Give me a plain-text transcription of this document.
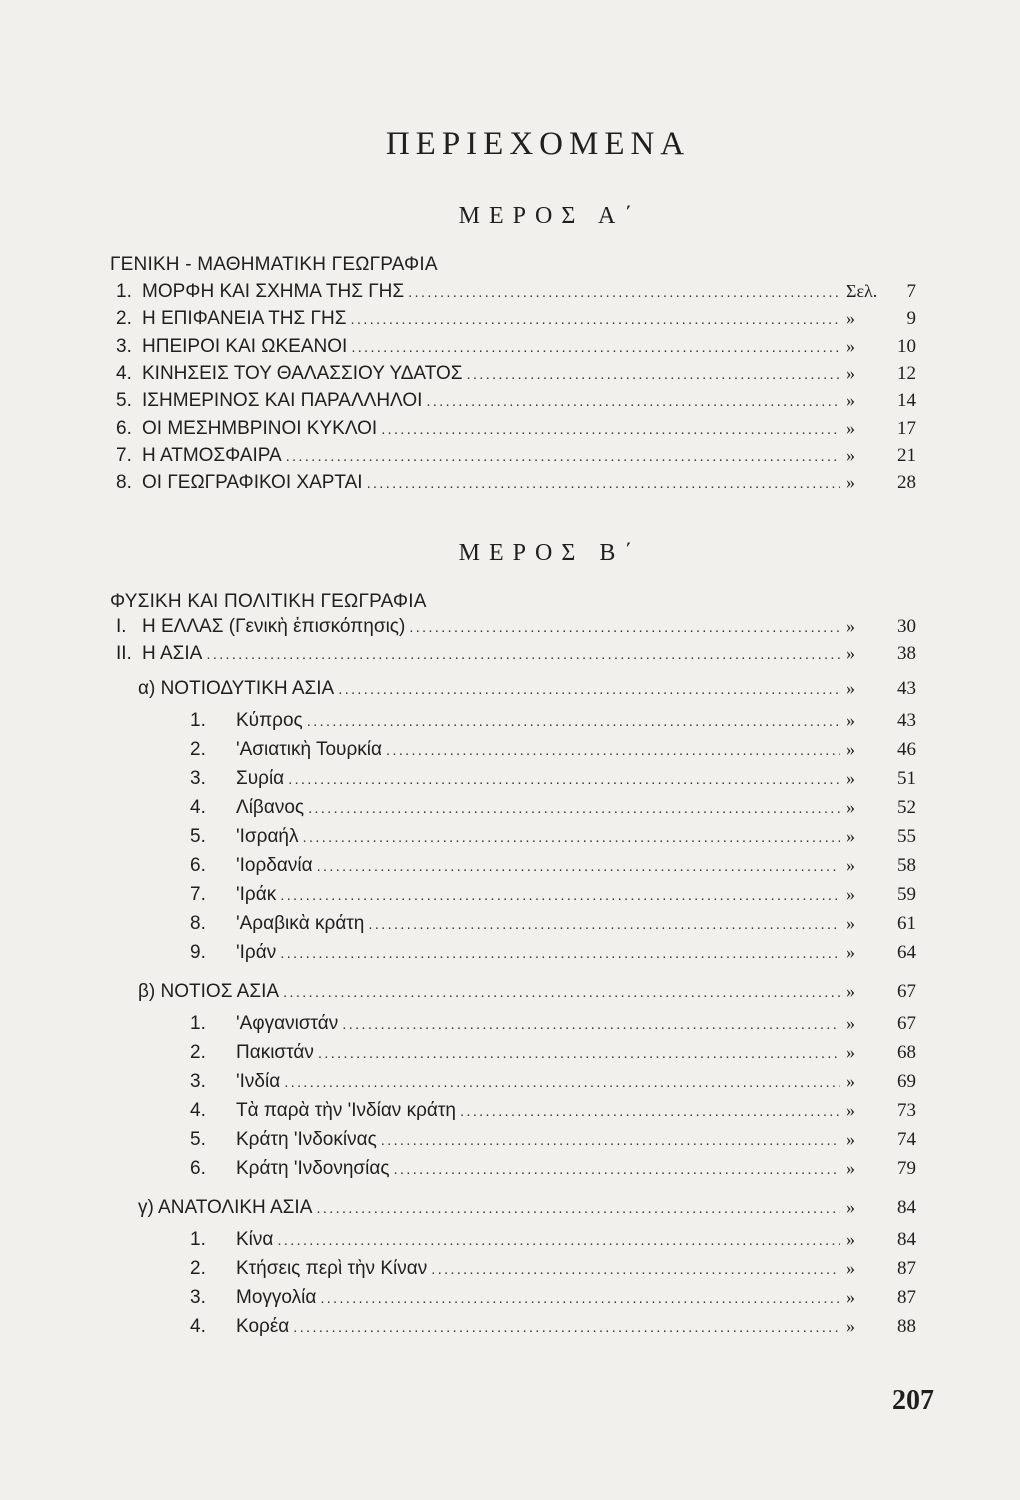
ΠΕΡΙΕΧΟΜΕΝΑ
ΜΕΡΟΣ Α΄
ΓΕΝΙΚΗ - ΜΑΘΗΜΑΤΙΚΗ ΓΕΩΓΡΑΦΙΑ
1. ΜΟΡΦΗ ΚΑΙ ΣΧΗΜΑ ΤΗΣ ΓΗΣ .....	Σελ.	7
2. Η ΕΠΙΦΑΝΕΙΑ ΤΗΣ ΓΗΣ .....	»	9
3. ΗΠΕΙΡΟΙ ΚΑΙ ΩΚΕΑΝΟΙ .....	»	10
4. ΚΙΝΗΣΕΙΣ ΤΟΥ ΘΑΛΑΣΣΙΟΥ ΥΔΑΤΟΣ .....	»	12
5. ΙΣΗΜΕΡΙΝΟΣ ΚΑΙ ΠΑΡΑΛΛΗΛΟΙ .....	»	14
6. ΟΙ ΜΕΣΗΜΒΡΙΝΟΙ ΚΥΚΛΟΙ .....	»	17
7. Η ΑΤΜΟΣΦΑΙΡΑ .....	»	21
8. ΟΙ ΓΕΩΓΡΑΦΙΚΟΙ ΧΑΡΤΑΙ .....	»	28
ΜΕΡΟΣ Β΄
ΦΥΣΙΚΗ ΚΑΙ ΠΟΛΙΤΙΚΗ ΓΕΩΓΡΑΦΙΑ
I. Η ΕΛΛΑΣ (Γενικὴ ἐπισκόπησις) .....	»	30
II. Η ΑΣΙΑ .....	»	38
α) ΝΟΤΙΟΔΥΤΙΚΗ ΑΣΙΑ .....	»	43
1.	Κύπρος .....	»	43
2.	'Ασιατικὴ Τουρκία .....	»	46
3.	Συρία .....	»	51
4.	Λίβανος .....	»	52
5.	'Ισραήλ .....	»	55
6.	'Ιορδανία .....	»	58
7.	'Ιράκ .....	»	59
8.	'Αραβικὰ κράτη .....	»	61
9.	'Ιράν .....	»	64
β) ΝΟΤΙΟΣ ΑΣΙΑ .....	»	67
1.	'Αφγανιστάν .....	»	67
2.	Πακιστάν .....	»	68
3.	'Ινδία .....	»	69
4.	Τὰ παρὰ τὴν 'Ινδίαν κράτη .....	»	73
5.	Κράτη 'Ινδοκίνας .....	»	74
6.	Κράτη 'Ινδονησίας .....	»	79
γ) ΑΝΑΤΟΛΙΚΗ ΑΣΙΑ .....	»	84
1.	Κίνα .....	»	84
2.	Κτήσεις περὶ τὴν Κίναν .....	»	87
3.	Μογγολία .....	»	87
4.	Κορέα .....	»	88
207
